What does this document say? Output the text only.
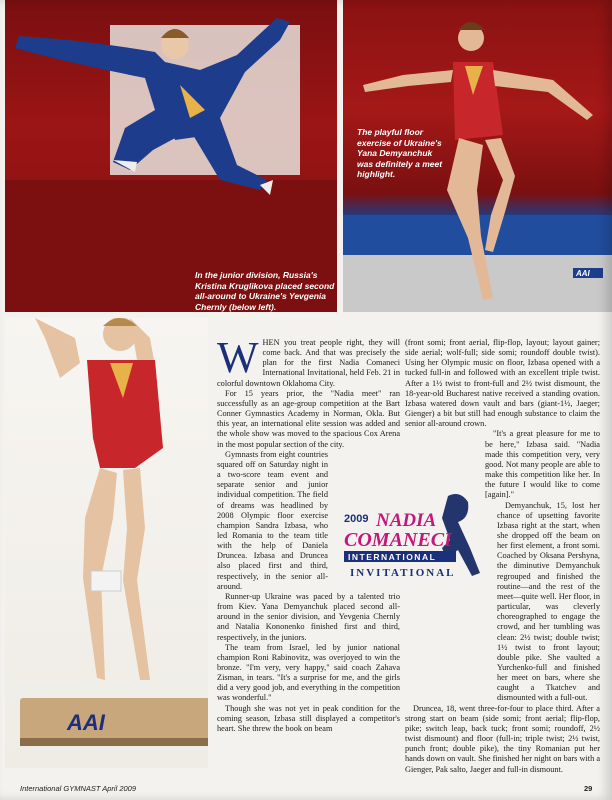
In the junior division, Russia's Kristina Kruglikova placed second all-around to Ukraine's Yevgenia Chernly (below left).
AAI
The playful floor exercise of Ukraine's Yana Demyanchuk was definitely a meet highlight.
AAI

WHEN you treat people right, they will come back. And that was precisely the plan for the first Nadia Comaneci International Invitational, held Feb. 21 in colorful downtown Oklahoma City.

For 15 years prior, the "Nadia meet" ran successfully as an age-group competition at the Bart Conner Gymnastics Academy in Norman, Okla. But this year, an international elite session was added and the whole show was moved to the spacious Cox Arena in the most popular section of the city.

Gymnasts from eight countries squared off on Saturday night in a two-score team event and separate senior and junior individual competition. The field of dreams was headlined by 2008 Olympic floor exercise champion Sandra Izbasa, who led Romania to the team title with the help of Daniela Druncea. Izbasa and Druncea also placed first and third, respectively, in the senior all-around.

Runner-up Ukraine was paced by a talented trio from Kiev. Yana Demyanchuk placed second all-around in the senior division, and Yevgenia Chernly and Natalia Kononenko finished first and third, respectively, in the juniors.

The team from Israel, led by junior national champion Roni Rabinovitz, was overjoyed to win the bronze. "I'm very, very happy," said coach Zahava Zisman, in tears. "It's a surprise for me, and the girls did a very good job, and everything in the competition was wonderful."

Though she was not yet in peak condition for the coming season, Izbasa still displayed a competitor's heart. She threw the book on beam

(front somi; front aerial, flip-flop, layout; layout gainer; side aerial; wolf-full; side somi; roundoff double twist). Using her Olympic music on floor, Izbasa opened with a tucked full-in and followed with an excellent triple twist. After a 1½ twist to front-full and 2½ twist dismount, the 18-year-old Bucharest native received a standing ovation. Izbasa watered down vault and bars (giant-1½, Jaeger; Gienger) a bit but still had enough substance to claim the senior all-around crown.

"It's a great pleasure for me to be here," Izbasa said. "Nadia made this competition very, very good. Not many people are able to make this competition like her. In the future I would like to come [again]."

Demyanchuk, 15, lost her chance of upsetting favorite Izbasa right at the start, when she dropped off the beam on her first element, a front somi. Coached by Oksana Pershyna, the diminutive Demyanchuk regrouped and finished the routine—and the rest of the meet—quite well. Her floor, in particular, was cleverly choreographed to engage the crowd, and her tumbling was clean: 2½ twist; double twist; 1½ twist to front layout; double pike. She vaulted a Yurchenko-full and finished her meet on bars, where she caught a Tkatchev and dismounted with a full-out.

Druncea, 18, went three-for-four to place third. After a strong start on beam (side somi; front aerial; flip-flop, pike; switch leap, back tuck; front somi; roundoff, 2½ twist dismount) and floor (full-in; triple twist; 2½ twist, punch front; double pike), the tiny Romanian put her hands down on vault. She finished her night on bars with a Gienger, Pak salto, Jaeger and full-in dismount.

2009 NADIA
COMANECI
INTERNATIONAL
INVITATIONAL
International GYMNAST April 2009	29
